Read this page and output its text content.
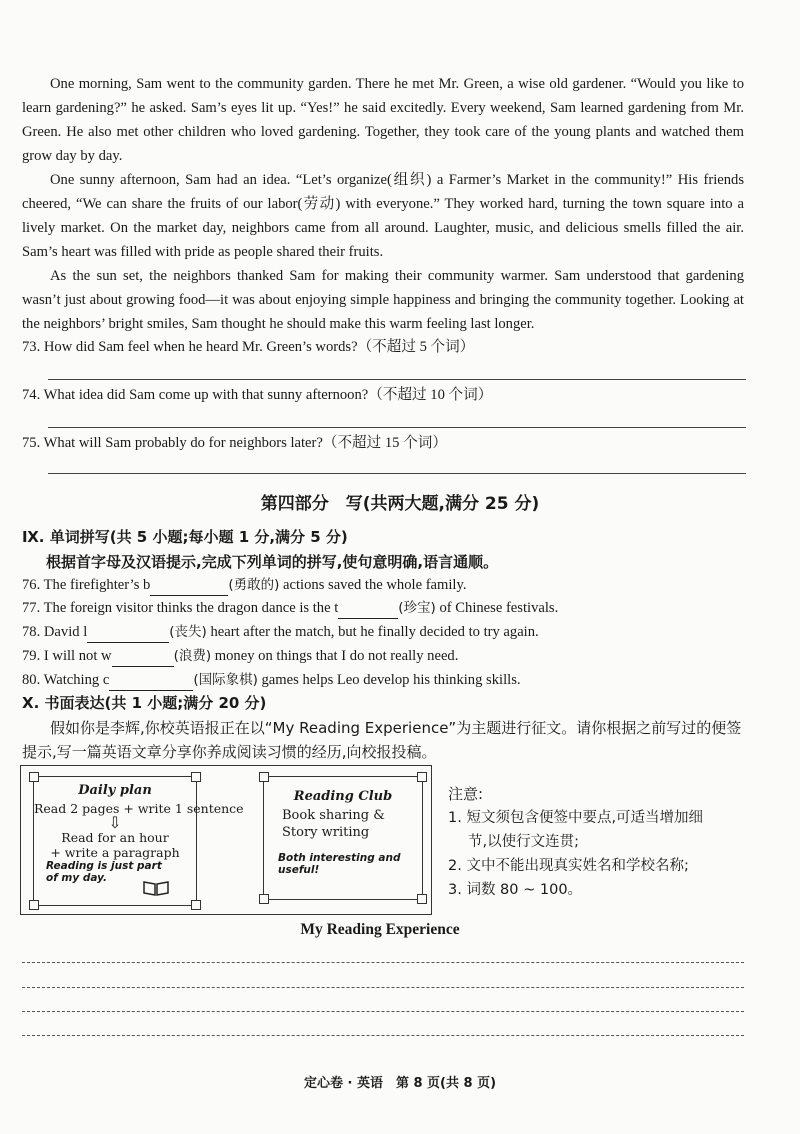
One morning, Sam went to the community garden. There he met Mr. Green, a wise old gardener. “Would you like to learn gardening?” he asked. Sam’s eyes lit up. “Yes!” he said excitedly. Every weekend, Sam learned gardening from Mr. Green. He also met other children who loved gardening. Together, they took care of the young plants and watched them grow day by day.

One sunny afternoon, Sam had an idea. “Let’s organize(组织) a Farmer’s Market in the community!” His friends cheered, “We can share the fruits of our labor(劳动) with everyone.” They worked hard, turning the town square into a lively market. On the market day, neighbors came from all around. Laughter, music, and delicious smells filled the air. Sam’s heart was filled with pride as people shared their fruits.

As the sun set, the neighbors thanked Sam for making their community warmer. Sam understood that gardening wasn’t just about growing food—it was about enjoying simple happiness and bringing the community together. Looking at the neighbors’ bright smiles, Sam thought he should make this warm feeling last longer.

73. How did Sam feel when he heard Mr. Green’s words?（不超过 5 个词）
74. What idea did Sam come up with that sunny afternoon?（不超过 10 个词）
75. What will Sam probably do for neighbors later?（不超过 15 个词）
第四部分　写(共两大题,满分 25 分)
Ⅸ. 单词拼写(共 5 小题;每小题 1 分,满分 5 分)
根据首字母及汉语提示,完成下列单词的拼写,使句意明确,语言通顺。
76. The firefighter’s b	(勇敢的) actions saved the whole family.
77. The foreign visitor thinks the dragon dance is the t	(珍宝) of Chinese festivals.
78. David l	(丧失) heart after the match, but he finally decided to try again.
79. I will not w	(浪费) money on things that I do not really need.
80. Watching c	(国际象棋) games helps Leo develop his thinking skills.
X. 书面表达(共 1 小题;满分 20 分)

假如你是李辉,你校英语报正在以“My Reading Experience”为主题进行征文。请你根据之前写过的便签提示,写一篇英语文章分享你养成阅读习惯的经历,向校报投稿。

Daily plan
Read 2 pages + write 1 sentence
⇩
Read for an hour
+ write a paragraph
Reading is just part
of my day.
Reading Club
Book sharing &
Story writing
Both interesting and
useful!
注意:
1. 短文须包含便签中要点,可适当增加细
节,以使行文连贯;
2. 文中不能出现真实姓名和学校名称;
3. 词数 80 ~ 100。
My Reading Experience
定心卷 · 英语　第 8 页(共 8 页)
